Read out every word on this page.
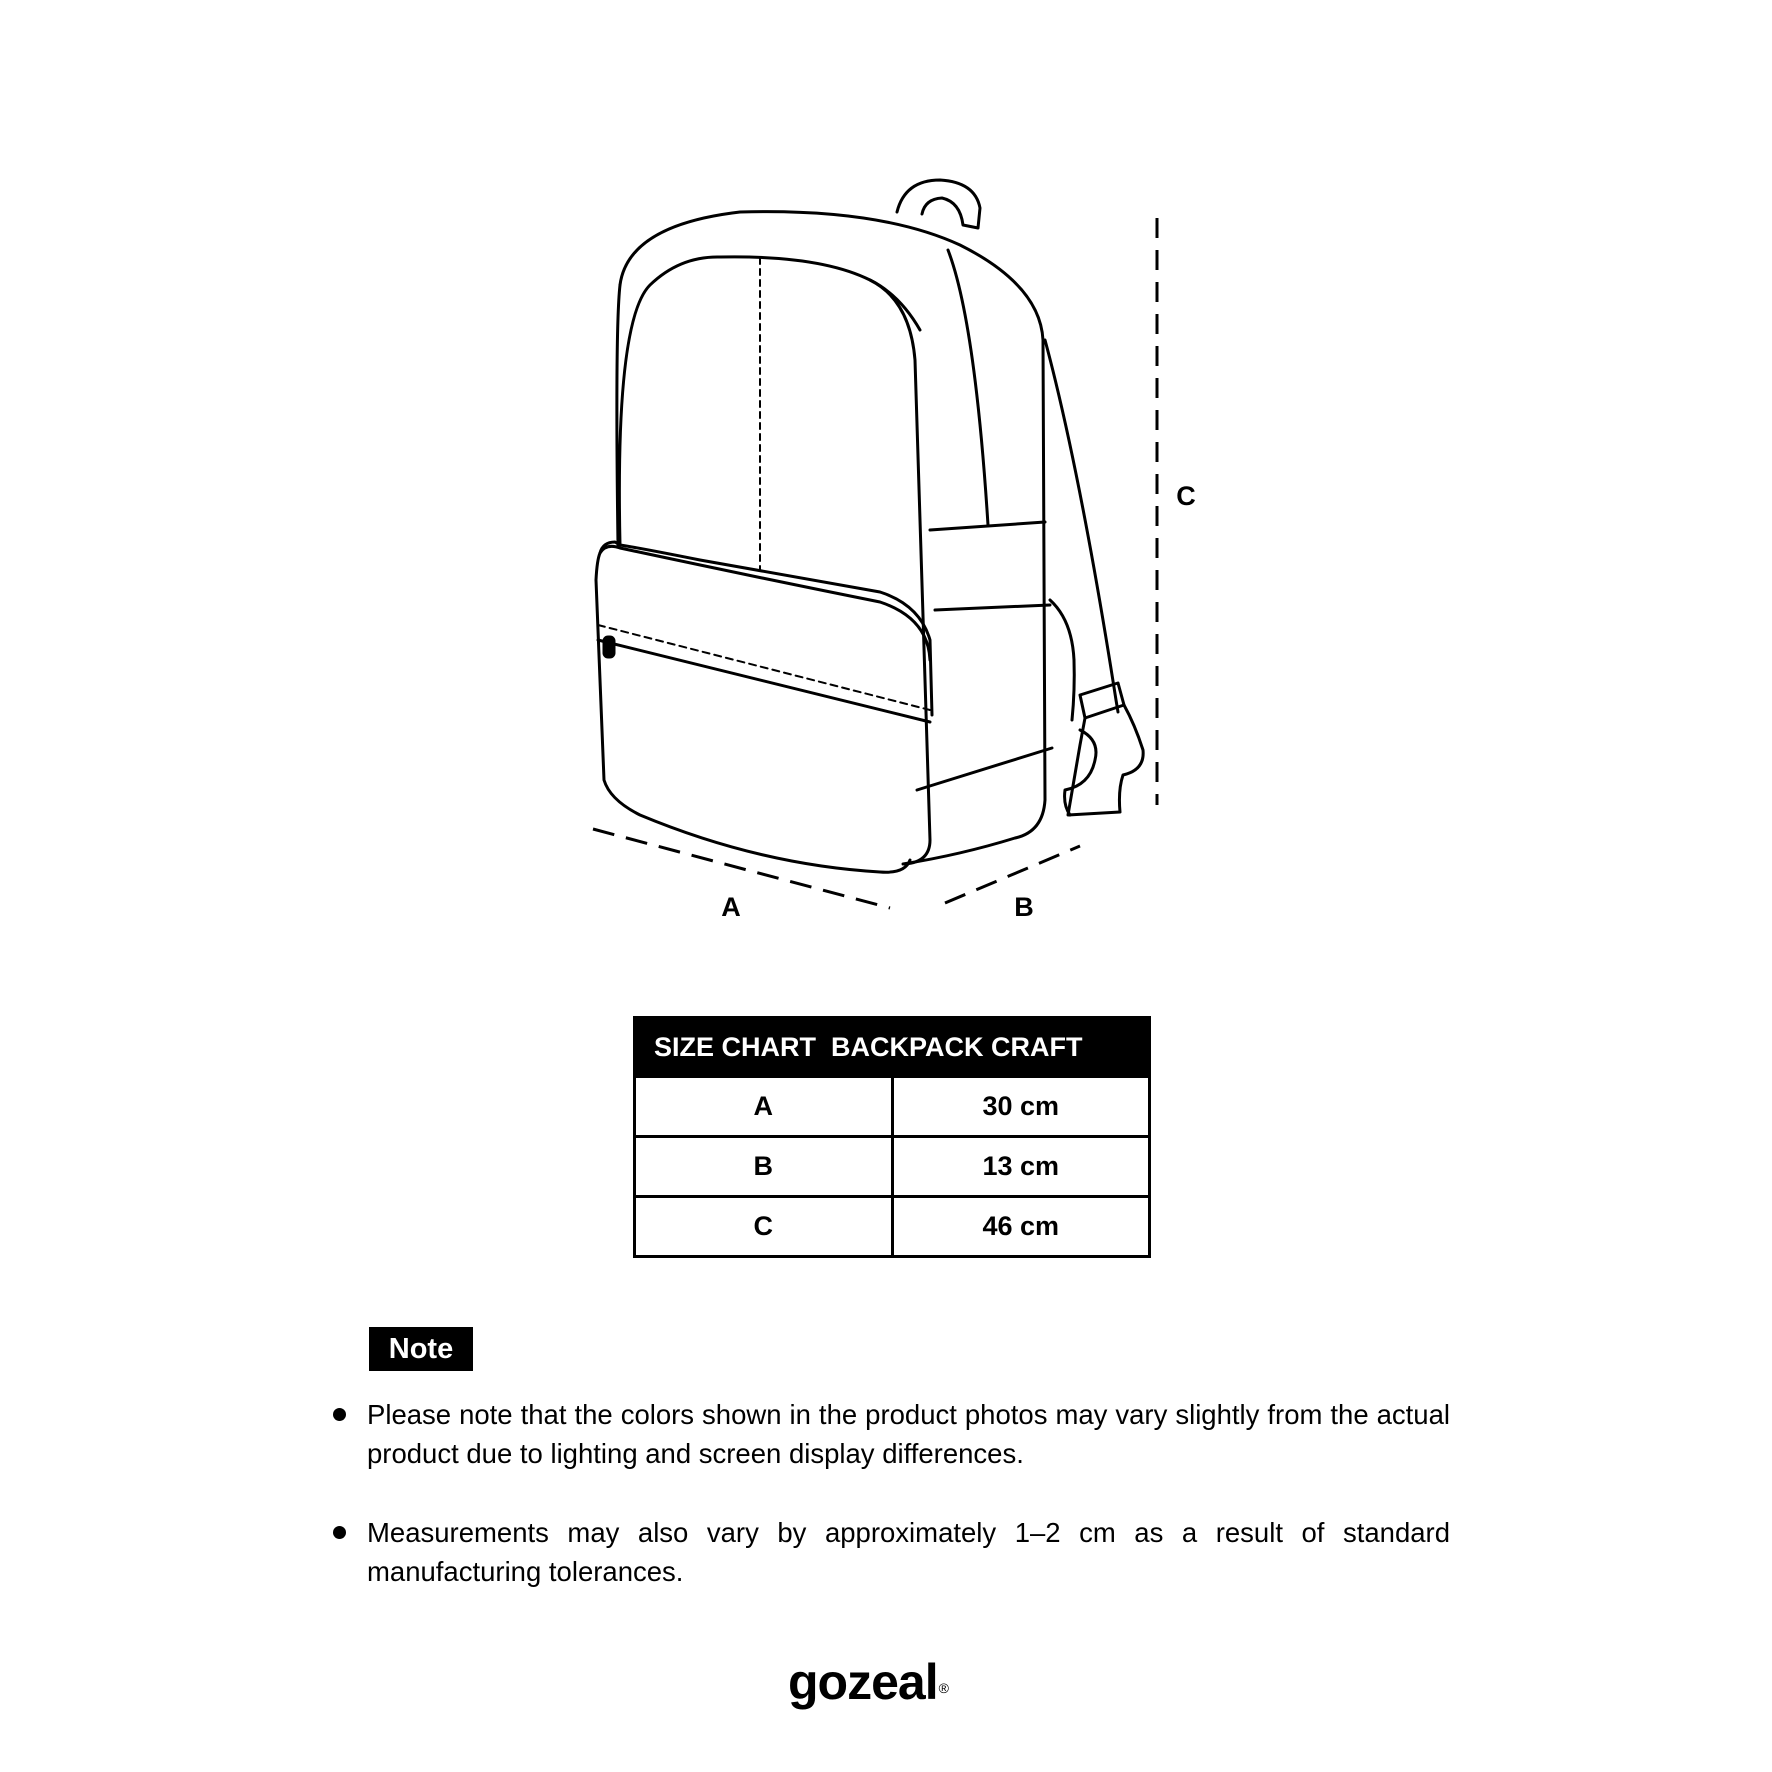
A	B
C
SIZE CHART  BACKPACK CRAFT	
A	30 cm
B	13 cm
C	46 cm
Note
Please note that the colors shown in the product photos may vary slightly from the actual product due to lighting and screen display differences.
Measurements may also vary by approximately 1–2 cm as a result of standard manufacturing tolerances.
gozeal®
